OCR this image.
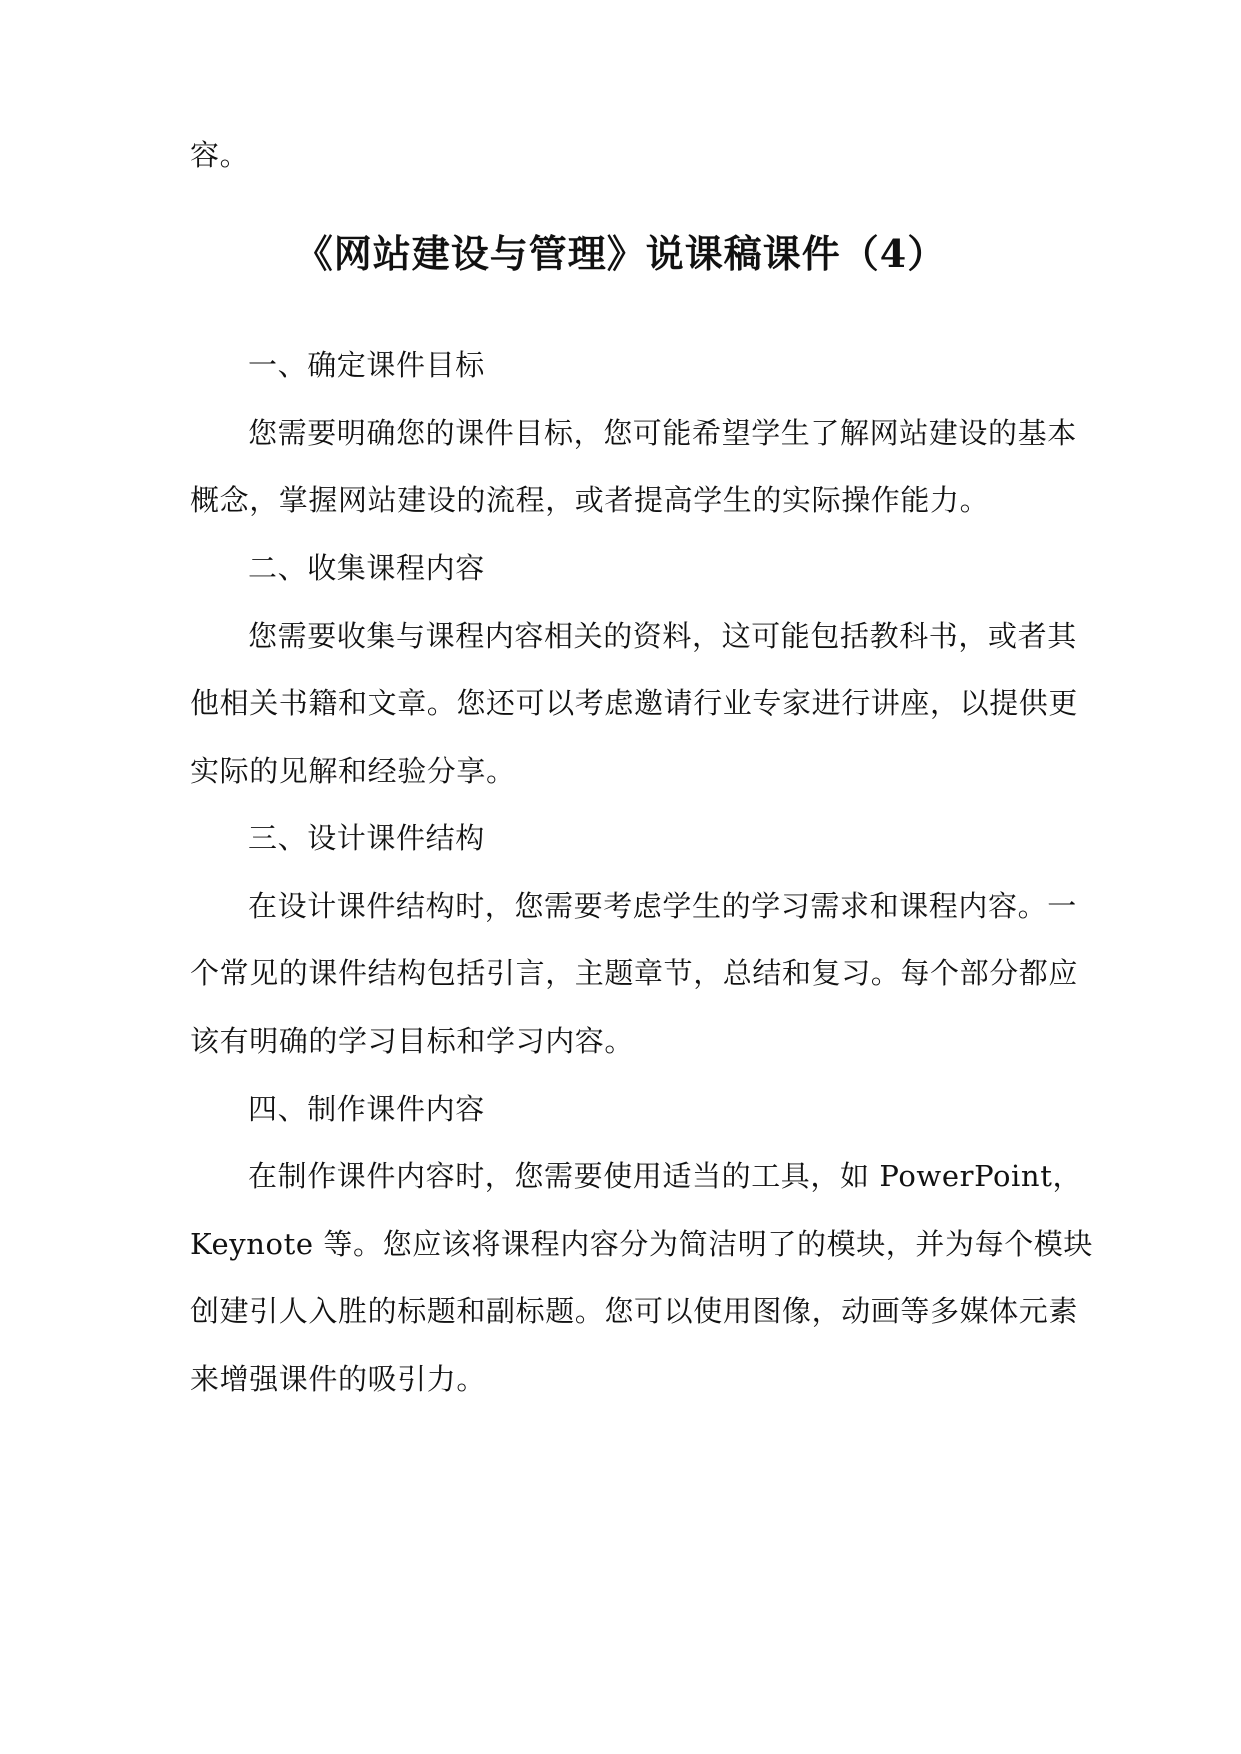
容。
《网站建设与管理》说课稿课件（4）
一、确定课件目标
您需要明确您的课件目标，您可能希望学生了解网站建设的基本
概念，掌握网站建设的流程，或者提高学生的实际操作能力。
二、收集课程内容
您需要收集与课程内容相关的资料，这可能包括教科书，或者其
他相关书籍和文章。您还可以考虑邀请行业专家进行讲座，以提供更
实际的见解和经验分享。
三、设计课件结构
在设计课件结构时，您需要考虑学生的学习需求和课程内容。一
个常见的课件结构包括引言，主题章节，总结和复习。每个部分都应
该有明确的学习目标和学习内容。
四、制作课件内容
在制作课件内容时，您需要使用适当的工具，如 PowerPoint，
Keynote 等。您应该将课程内容分为简洁明了的模块，并为每个模块
创建引人入胜的标题和副标题。您可以使用图像，动画等多媒体元素
来增强课件的吸引力。
